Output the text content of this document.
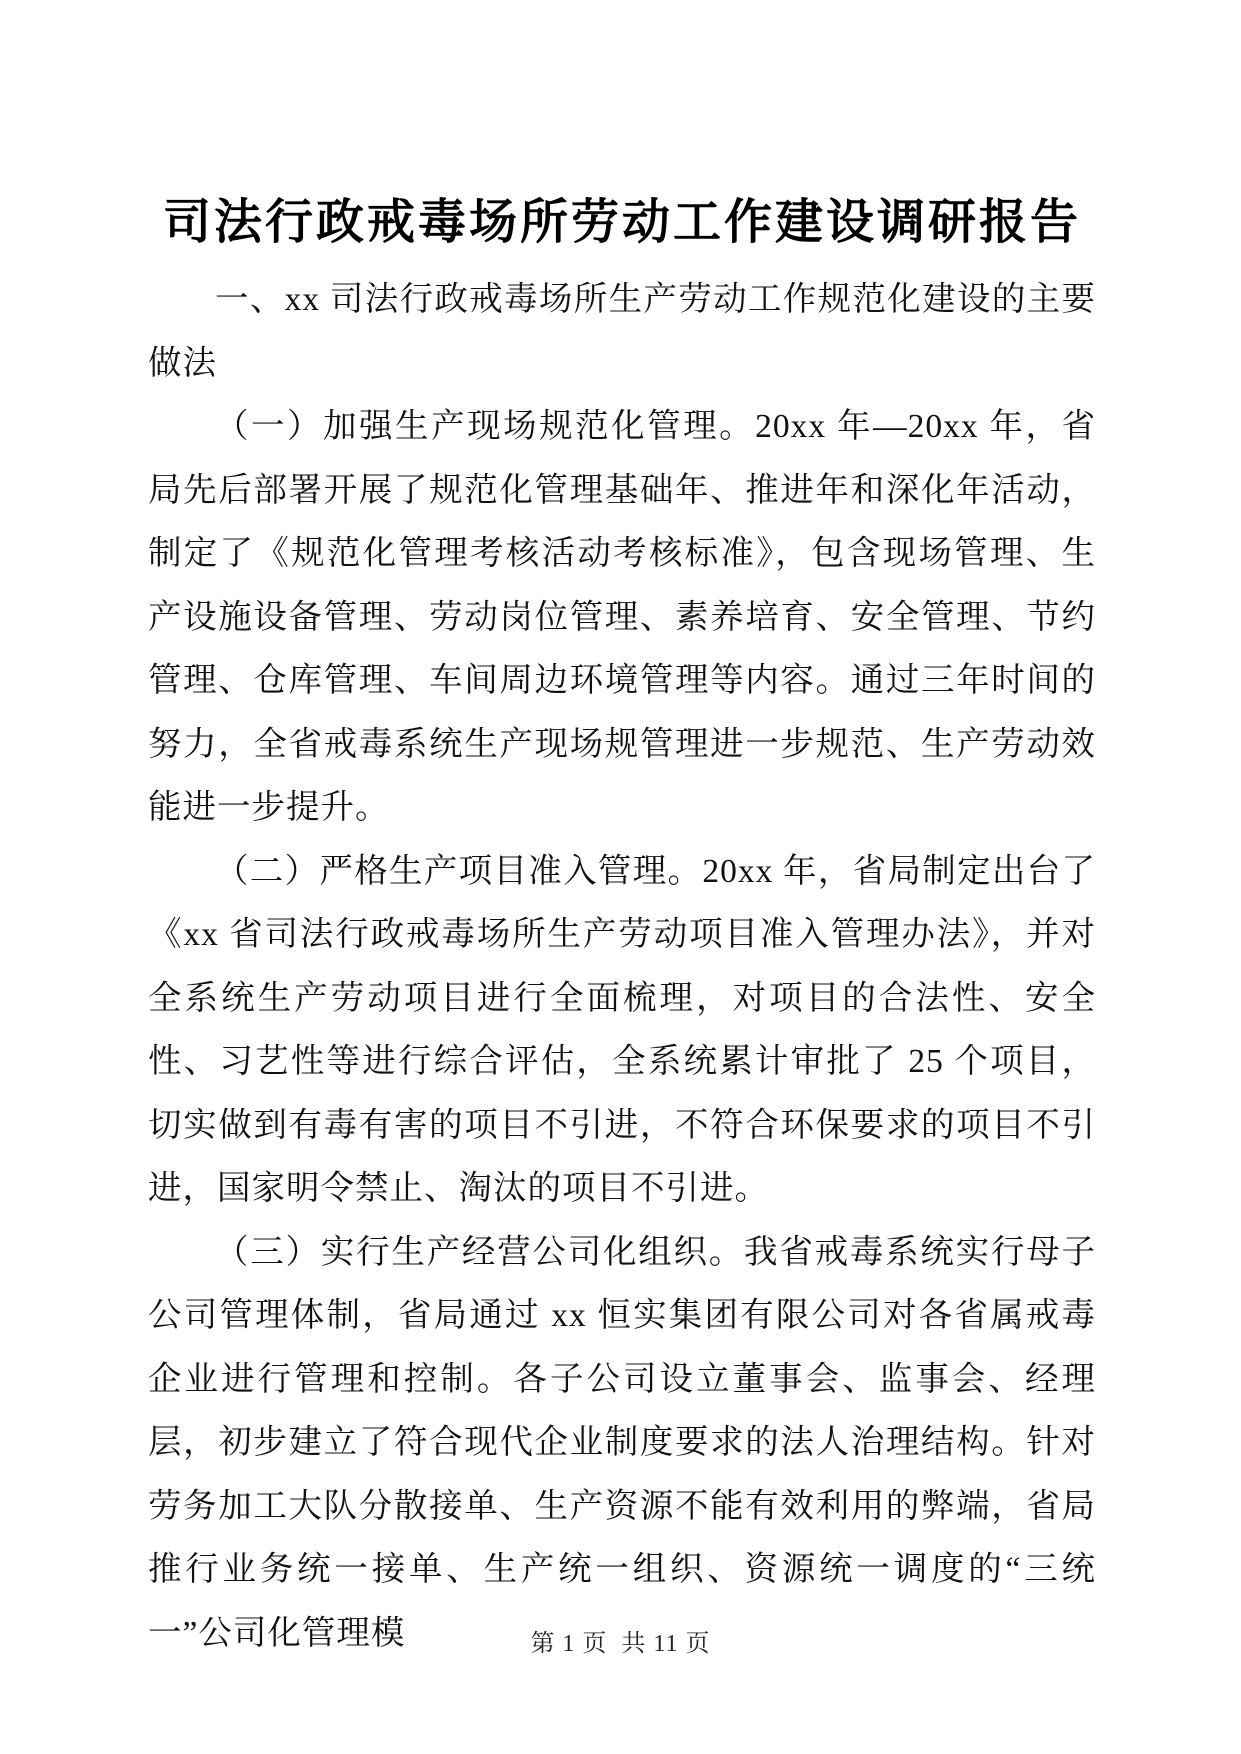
司法行政戒毒场所劳动工作建设调研报告

一、xx 司法行政戒毒场所生产劳动工作规范化建设的主要做法

（一）加强生产现场规范化管理。20xx 年—20xx 年，省局先后部署开展了规范化管理基础年、推进年和深化年活动，制定了《规范化管理考核活动考核标准》，包含现场管理、生产设施设备管理、劳动岗位管理、素养培育、安全管理、节约管理、仓库管理、车间周边环境管理等内容。通过三年时间的努力，全省戒毒系统生产现场规管理进一步规范、生产劳动效能进一步提升。

（二）严格生产项目准入管理。20xx 年，省局制定出台了《xx 省司法行政戒毒场所生产劳动项目准入管理办法》，并对全系统生产劳动项目进行全面梳理，对项目的合法性、安全性、习艺性等进行综合评估，全系统累计审批了 25 个项目，切实做到有毒有害的项目不引进，不符合环保要求的项目不引进，国家明令禁止、淘汰的项目不引进。

（三）实行生产经营公司化组织。我省戒毒系统实行母子公司管理体制，省局通过 xx 恒实集团有限公司对各省属戒毒企业进行管理和控制。各子公司设立董事会、监事会、经理层，初步建立了符合现代企业制度要求的法人治理结构。针对劳务加工大队分散接单、生产资源不能有效利用的弊端，省局推行业务统一接单、生产统一组织、资源统一调度的“三统一”公司化管理模	第 1 页  共 11 页
